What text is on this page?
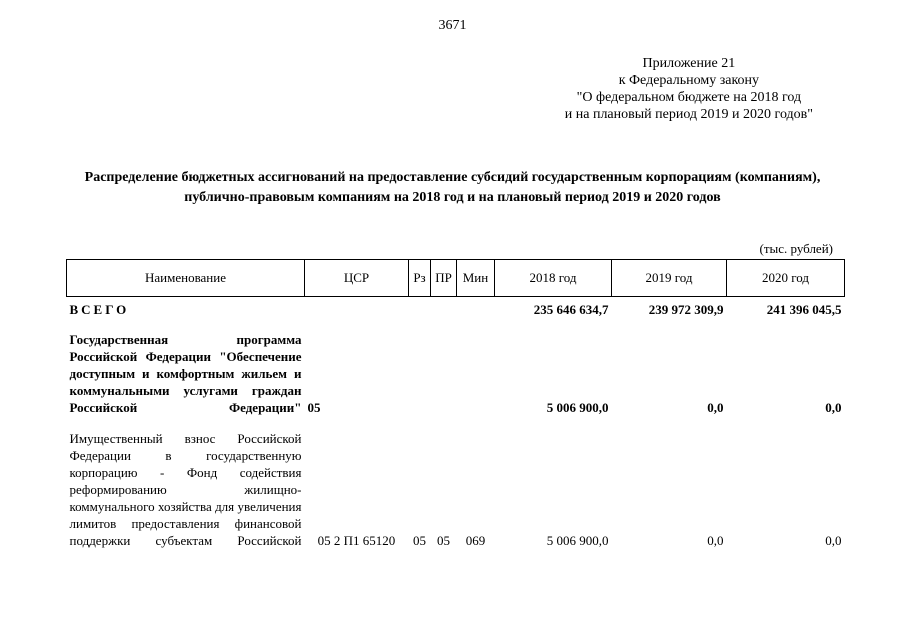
3671
Приложение 21
к Федеральному закону
"О федеральном бюджете на 2018 год
и на плановый период 2019 и 2020 годов"
Распределение бюджетных ассигнований на предоставление субсидий государственным корпорациям (компаниям), публично-правовым компаниям на 2018 год и на плановый период 2019 и 2020 годов
(тыс. рублей)
Наименование	ЦСР	Рз	ПР	Мин	2018 год	2019 год	2020 год
ВСЕГО					235 646 634,7	239 972 309,9	241 396 045,5
Государственная программа Российской Федерации "Обеспечение доступным и комфортным жильем и коммунальными услугами граждан Российской Федерации"	05				5 006 900,0	0,0	0,0
Имущественный взнос Российской Федерации в государственную корпорацию - Фонд содействия реформированию жилищно-коммунального хозяйства для увеличения лимитов предоставления финансовой поддержки субъектам Российской	05 2 П1 65120	05	05	069	5 006 900,0	0,0	0,0
